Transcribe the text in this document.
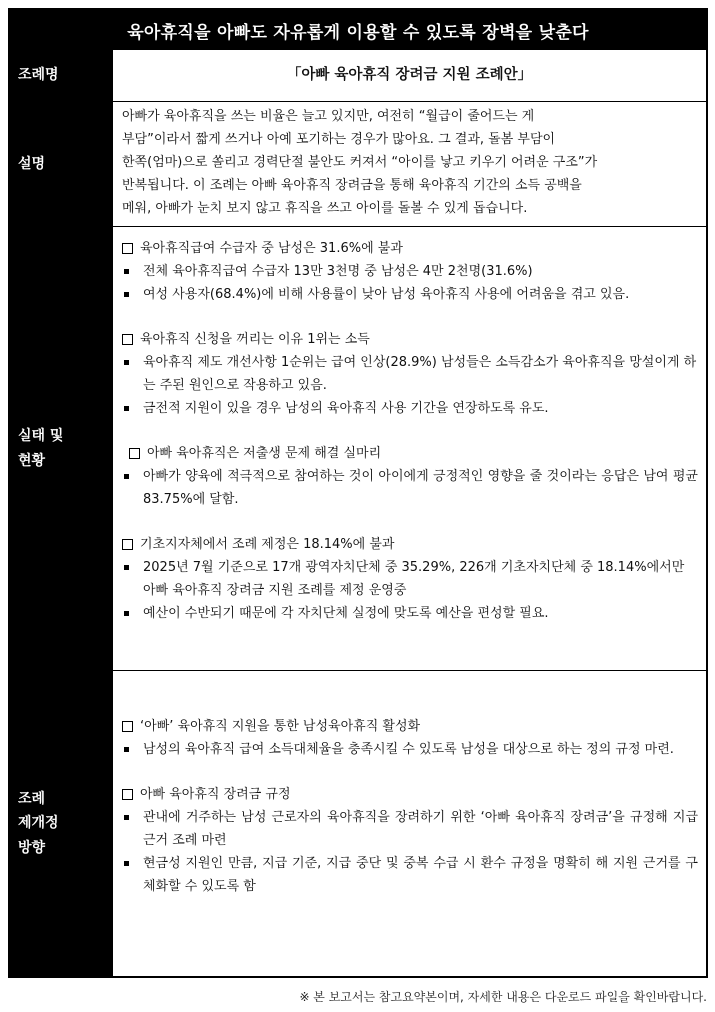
육아휴직을 아빠도 자유롭게 이용할 수 있도록 장벽을 낮춘다
조례명	「아빠 육아휴직 장려금 지원 조례안」
설명
아빠가 육아휴직을 쓰는 비율은 늘고 있지만, 여전히 “월급이 줄어드는 게
부담”이라서 짧게 쓰거나 아예 포기하는 경우가 많아요. 그 결과, 돌봄 부담이
한쪽(엄마)으로 쏠리고 경력단절 불안도 커져서 “아이를 낳고 키우기 어려운 구조”가
반복됩니다. 이 조례는 아빠 육아휴직 장려금을 통해 육아휴직 기간의 소득 공백을
메워, 아빠가 눈치 보지 않고 휴직을 쓰고 아이를 돌볼 수 있게 돕습니다.
실태 및
현황
육아휴직급여 수급자 중 남성은 31.6%에 불과
전체 육아휴직급여 수급자 13만 3천명 중 남성은 4만 2천명(31.6%)
여성 사용자(68.4%)에 비해 사용률이 낮아 남성 육아휴직 사용에 어려움을 겪고 있음.
육아휴직 신청을 꺼리는 이유 1위는 소득
육아휴직 제도 개선사항 1순위는 급여 인상(28.9%) 남성들은 소득감소가 육아휴직을 망설이게 하는 주된 원인으로 작용하고 있음.
금전적 지원이 있을 경우 남성의 육아휴직 사용 기간을 연장하도록 유도.
아빠 육아휴직은 저출생 문제 해결 실마리
아빠가 양육에 적극적으로 참여하는 것이 아이에게 긍정적인 영향을 줄 것이라는 응답은 남여 평균 83.75%에 달함.
기초지자체에서 조례 제정은 18.14%에 불과
2025년 7월 기준으로 17개 광역자치단체 중 35.29%, 226개 기초자치단체 중 18.14%에서만 아빠 육아휴직 장려금 지원 조례를 제정 운영중
예산이 수반되기 때문에 각 자치단체 실정에 맞도록 예산을 편성할 필요.
조례
제개정
방향
‘아빠’ 육아휴직 지원을 통한 남성육아휴직 활성화
남성의 육아휴직 급여 소득대체율을 충족시킬 수 있도록 남성을 대상으로 하는 정의 규정 마련.
아빠 육아휴직 장려금 규정
관내에 거주하는 남성 근로자의 육아휴직을 장려하기 위한 ‘아빠 육아휴직 장려금’을 규정해 지급 근거 조례 마련
현금성 지원인 만큼, 지급 기준, 지급 중단 및 중복 수급 시 환수 규정을 명확히 해 지원 근거를 구체화할 수 있도록 함
※ 본 보고서는 참고요약본이며, 자세한 내용은 다운로드 파일을 확인바랍니다.
